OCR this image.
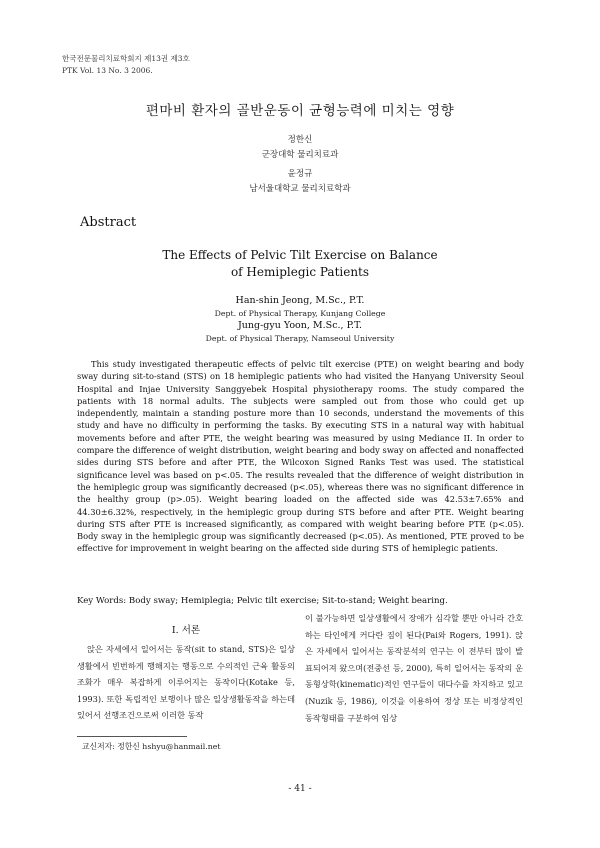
한국전문물리치료학회지 제13권 제3호
PTK Vol. 13 No. 3 2006.
편마비 환자의 골반운동이 균형능력에 미치는 영향
정한신
군장대학 물리치료과
윤정규
남서울대학교 물리치료학과
Abstract
The Effects of Pelvic Tilt Exercise on Balance
of Hemiplegic Patients
Han-shin Jeong, M.Sc., P.T.
Dept. of Physical Therapy, Kunjang College
Jung-gyu Yoon, M.Sc., P.T.
Dept. of Physical Therapy, Namseoul University

This study investigated therapeutic effects of pelvic tilt exercise (PTE) on weight bearing and body sway during sit-to-stand (STS) on 18 hemiplegic patients who had visited the Hanyang University Seoul Hospital and Injae University Sanggyebek Hospital physiotherapy rooms. The study compared the patients with 18 normal adults. The subjects were sampled out from those who could get up independently, maintain a standing posture more than 10 seconds, understand the movements of this study and have no difficulty in performing the tasks. By executing STS in a natural way with habitual movements before and after PTE, the weight bearing was measured by using Mediance II. In order to compare the difference of weight distribution, weight bearing and body sway on affected and nonaffected sides during STS before and after PTE, the Wilcoxon Signed Ranks Test was used. The statistical significance level was based on p<.05. The results revealed that the difference of weight distribution in the hemiplegic group was significantly decreased (p<.05), whereas there was no significant difference in the healthy group (p>.05). Weight bearing loaded on the affected side was 42.53±7.65% and 44.30±6.32%, respectively, in the hemiplegic group during STS before and after PTE. Weight bearing during STS after PTE is increased significantly, as compared with weight bearing before PTE (p<.05). Body sway in the hemiplegic group was significantly decreased (p<.05). As mentioned, PTE proved to be effective for improvement in weight bearing on the affected side during STS of hemiplegic patients.

Key Words: Body sway; Hemiplegia; Pelvic tilt exercise; Sit-to-stand; Weight bearing.

Ⅰ. 서론

앉은 자세에서 일어서는 동작(sit to stand, STS)은 일상생활에서 빈번하게 행해지는 행동으로 수의적인 근육 활동의 조화가 매우 복잡하게 이루어지는 동작이다(Kotake 등, 1993). 또한 독립적인 보행이나 많은 일상생활동작을 하는데 있어서 선행조건으로써 이러한 동작

이 불가능하면 일상생활에서 장애가 심각할 뿐만 아니라 간호하는 타인에게 커다란 짐이 된다(Pai와 Rogers, 1991). 앉은 자세에서 일어서는 동작분석의 연구는 이 전부터 많이 발표되어져 왔으며(전중선 등, 2000), 특히 일어서는 동작의 운동형상학(kinematic)적인 연구들이 대다수를 차지하고 있고(Nuzik 등, 1986), 이것을 이용하여 정상 또는 비정상적인 동작형태를 구분하여 임상

교신저자: 정한신 hshyu@hanmail.net
- 41 -
